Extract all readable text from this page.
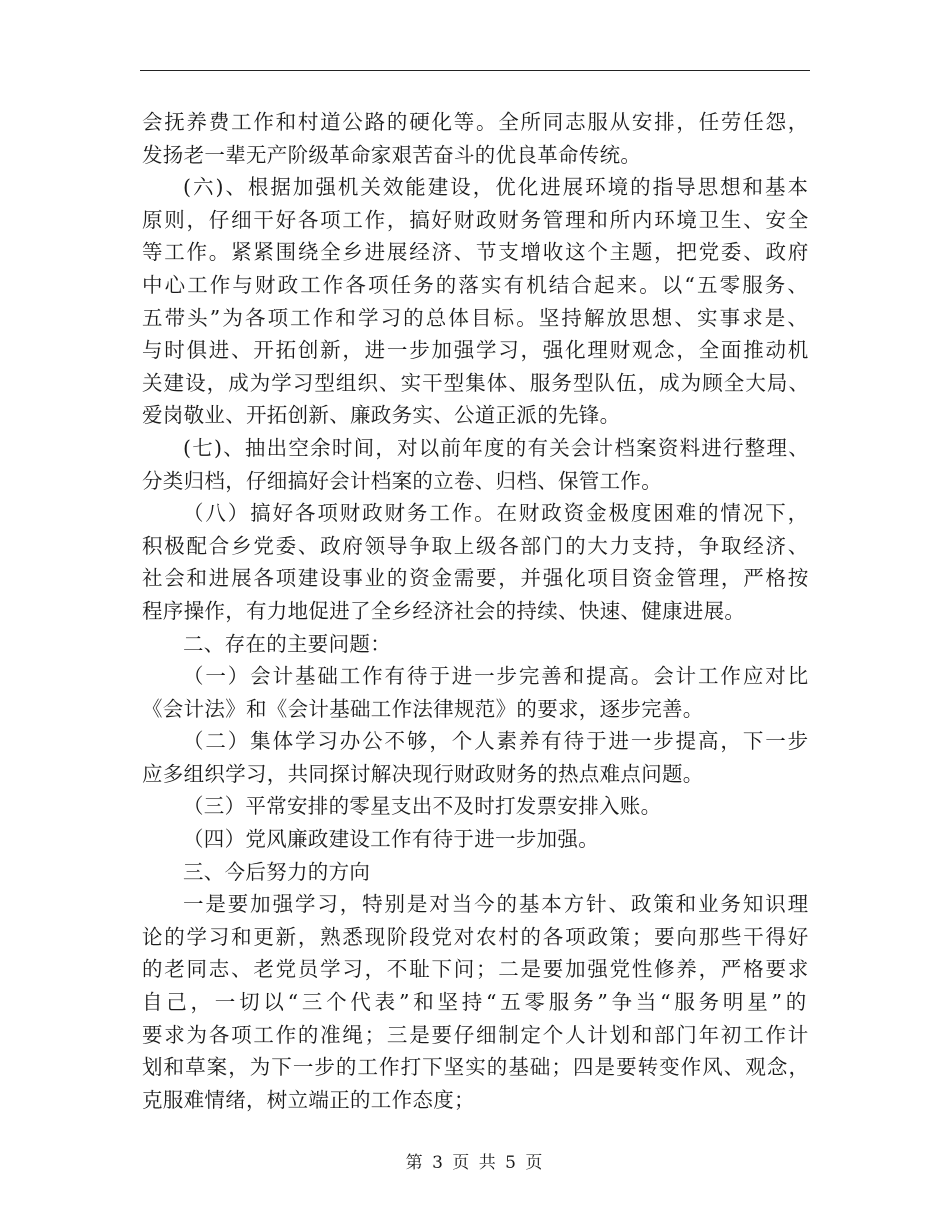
会抚养费工作和村道公路的硬化等。全所同志服从安排，任劳任怨，
发扬老一辈无产阶级革命家艰苦奋斗的优良革命传统。
(六)、根据加强机关效能建设，优化进展环境的指导思想和基本
原则，仔细干好各项工作，搞好财政财务管理和所内环境卫生、安全
等工作。紧紧围绕全乡进展经济、节支增收这个主题，把党委、政府
中心工作与财政工作各项任务的落实有机结合起来。以“五零服务、
五带头”为各项工作和学习的总体目标。坚持解放思想、实事求是、
与时俱进、开拓创新，进一步加强学习，强化理财观念，全面推动机
关建设，成为学习型组织、实干型集体、服务型队伍，成为顾全大局、
爱岗敬业、开拓创新、廉政务实、公道正派的先锋。
(七)、抽出空余时间，对以前年度的有关会计档案资料进行整理、
分类归档，仔细搞好会计档案的立卷、归档、保管工作。
（八）搞好各项财政财务工作。在财政资金极度困难的情况下，
积极配合乡党委、政府领导争取上级各部门的大力支持，争取经济、
社会和进展各项建设事业的资金需要，并强化项目资金管理，严格按
程序操作，有力地促进了全乡经济社会的持续、快速、健康进展。
二、存在的主要问题：
（一）会计基础工作有待于进一步完善和提高。会计工作应对比
《会计法》和《会计基础工作法律规范》的要求，逐步完善。
（二）集体学习办公不够，个人素养有待于进一步提高，下一步
应多组织学习，共同探讨解决现行财政财务的热点难点问题。
（三）平常安排的零星支出不及时打发票安排入账。
（四）党风廉政建设工作有待于进一步加强。
三、今后努力的方向
一是要加强学习，特别是对当今的基本方针、政策和业务知识理
论的学习和更新，熟悉现阶段党对农村的各项政策；要向那些干得好
的老同志、老党员学习，不耻下问；二是要加强党性修养，严格要求
自己，一切以“三个代表”和坚持“五零服务”争当“服务明星”的
要求为各项工作的准绳；三是要仔细制定个人计划和部门年初工作计
划和草案，为下一步的工作打下坚实的基础；四是要转变作风、观念，
克服难情绪，树立端正的工作态度；
第 3 页 共 5 页
